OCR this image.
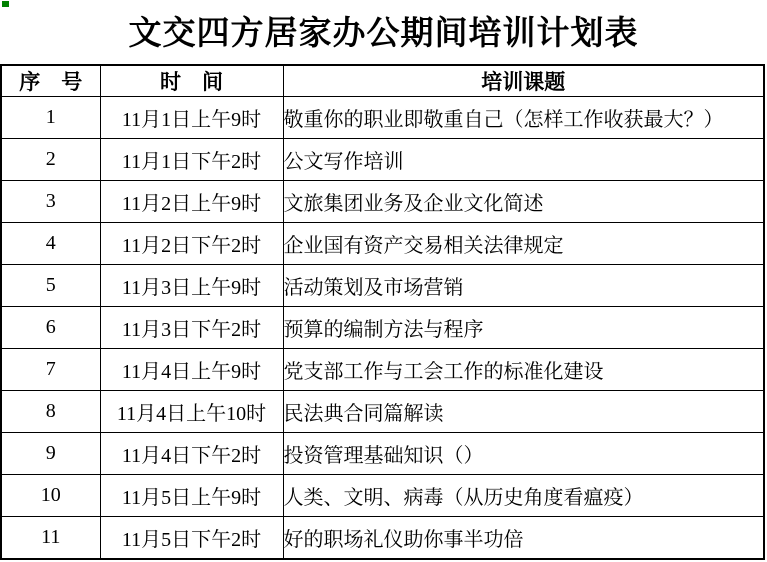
文交四方居家办公期间培训计划表
序　号	时　间	培训课题
1	11月1日上午9时	敬重你的职业即敬重自己（怎样工作收获最大？）
2	11月1日下午2时	公文写作培训
3	11月2日上午9时	文旅集团业务及企业文化简述
4	11月2日下午2时	企业国有资产交易相关法律规定
5	11月3日上午9时	活动策划及市场营销
6	11月3日下午2时	预算的编制方法与程序
7	11月4日上午9时	党支部工作与工会工作的标准化建设
8	11月4日上午10时	民法典合同篇解读
9	11月4日下午2时	投资管理基础知识（）
10	11月5日上午9时	人类、文明、病毒（从历史角度看瘟疫）
11	11月5日下午2时	好的职场礼仪助你事半功倍
